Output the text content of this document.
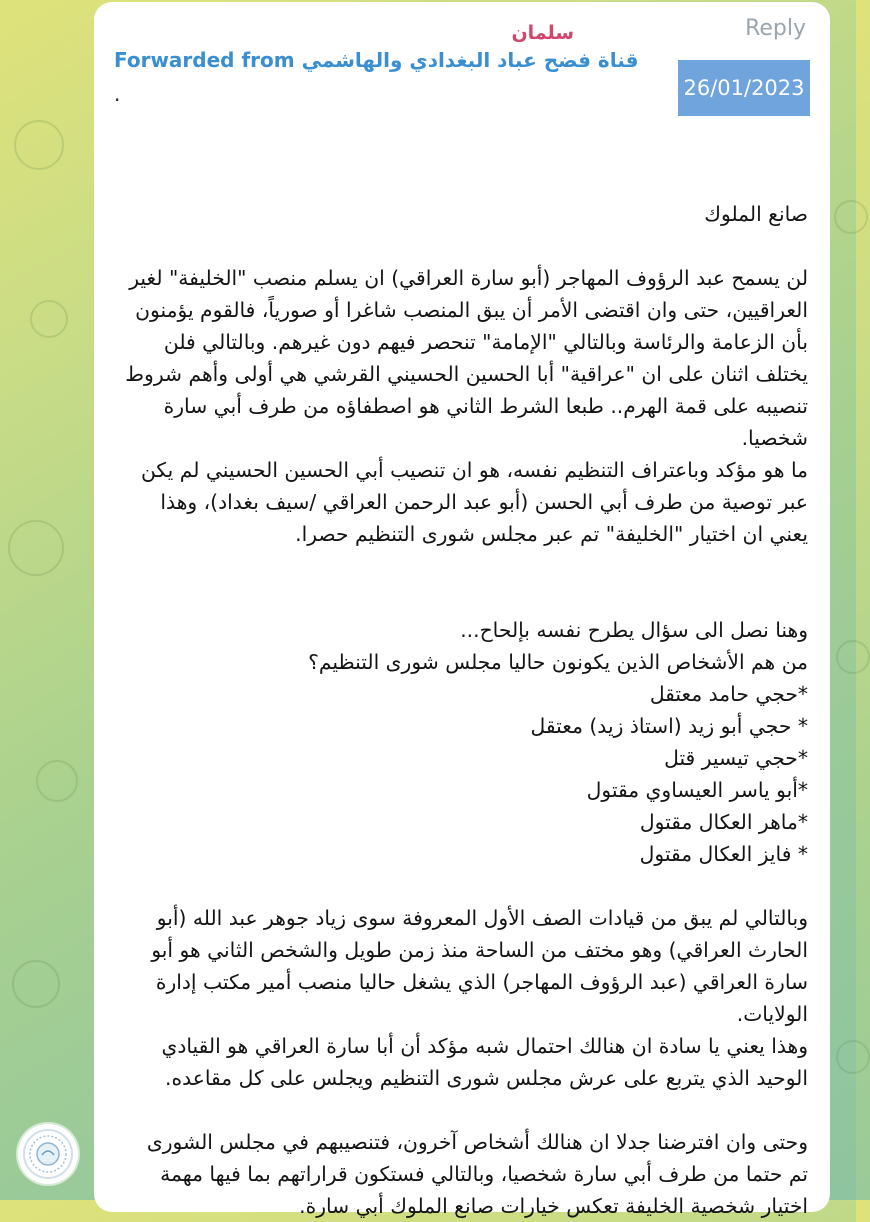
Reply
26/01/2023
سلمان
Forwarded from قناة فضح عباد البغدادي والهاشمي
.

صانع الملوك

لن يسمح عبد الرؤوف المهاجر (أبو سارة العراقي) ان يسلم منصب "الخليفة" لغير العراقيين، حتى وان اقتضى الأمر أن يبق المنصب شاغرا أو صورياً، فالقوم يؤمنون بأن الزعامة والرئاسة وبالتالي "الإمامة" تنحصر فيهم دون غيرهم. وبالتالي فلن يختلف اثنان على ان "عراقية" أبا الحسين الحسيني القرشي هي أولى وأهم شروط تنصيبه على قمة الهرم.. طبعا الشرط الثاني هو اصطفاؤه من طرف أبي سارة شخصيا.

ما هو مؤكد وباعتراف التنظيم نفسه، هو ان تنصيب أبي الحسين الحسيني لم يكن عبر توصية من طرف أبي الحسن (أبو عبد الرحمن العراقي /سيف بغداد)، وهذا يعني ان اختيار "الخليفة" تم عبر مجلس شورى التنظيم حصرا.

وهنا نصل الى سؤال يطرح نفسه بإلحاح...

من هم الأشخاص الذين يكونون حاليا مجلس شورى التنظيم؟

*حجي حامد معتقل

* حجي أبو زيد (استاذ زيد) معتقل

*حجي تيسير قتل

*أبو ياسر العيساوي مقتول

*ماهر العكال مقتول

* فايز العكال مقتول

وبالتالي لم يبق من قيادات الصف الأول المعروفة سوى زياد جوهر عبد الله (أبو الحارث العراقي) وهو مختف من الساحة منذ زمن طويل والشخص الثاني هو أبو سارة العراقي (عبد الرؤوف المهاجر) الذي يشغل حاليا منصب أمير مكتب إدارة الولايات.

وهذا يعني يا سادة ان هنالك احتمال شبه مؤكد أن أبا سارة العراقي هو القيادي الوحيد الذي يتربع على عرش مجلس شورى التنظيم ويجلس على كل مقاعده.

وحتى وان افترضنا جدلا ان هنالك أشخاص آخرون، فتنصيبهم في مجلس الشورى تم حتما من طرف أبي سارة شخصيا، وبالتالي فستكون قراراتهم بما فيها مهمة اختيار شخصية الخليفة تعكس خيارات صانع الملوك أبي سارة.
